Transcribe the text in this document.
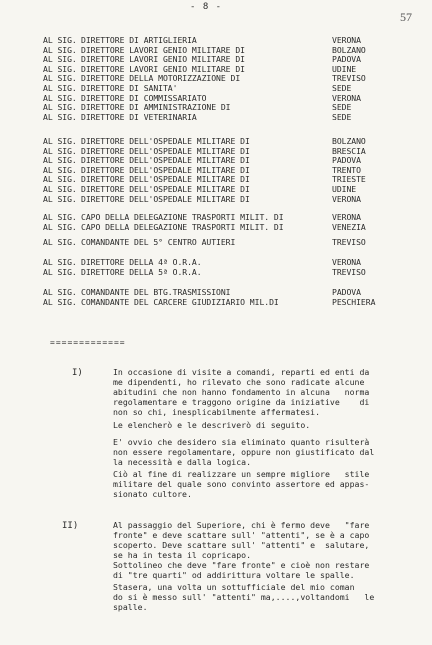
- 8 -
57
AL SIG. DIRETTORE DI ARTIGLIERIA	VERONA
AL SIG. DIRETTORE LAVORI GENIO MILITARE DI	BOLZANO
AL SIG. DIRETTORE LAVORI GENIO MILITARE DI	PADOVA
AL SIG. DIRETTORE LAVORI GENIO MILITARE DI	UDINE
AL SIG. DIRETTORE DELLA MOTORIZZAZIONE DI	TREVISO
AL SIG. DIRETTORE DI SANITA'	SEDE
AL SIG. DIRETTORE DI COMMISSARIATO	VERONA
AL SIG. DIRETTORE DI AMMINISTRAZIONE DI	SEDE
AL SIG. DIRETTORE DI VETERINARIA	SEDE
AL SIG. DIRETTORE DELL'OSPEDALE MILITARE DI	BOLZANO
AL SIG. DIRETTORE DELL'OSPEDALE MILITARE DI	BRESCIA
AL SIG. DIRETTORE DELL'OSPEDALE MILITARE DI	PADOVA
AL SIG. DIRETTORE DELL'OSPEDALE MILITARE DI	TRENTO
AL SIG. DIRETTORE DELL'OSPEDALE MILITARE DI	TRIESTE
AL SIG. DIRETTORE DELL'OSPEDALE MILITARE DI	UDINE
AL SIG. DIRETTORE DELL'OSPEDALE MILITARE DI	VERONA
AL SIG. CAPO DELLA DELEGAZIONE TRASPORTI MILIT. DI	VERONA
AL SIG. CAPO DELLA DELEGAZIONE TRASPORTI MILIT. DI	VENEZIA
AL SIG. COMANDANTE DEL 5° CENTRO AUTIERI	TREVISO
AL SIG. DIRETTORE DELLA 4ª O.R.A.	VERONA
AL SIG. DIRETTORE DELLA 5ª O.R.A.	TREVISO
AL SIG. COMANDANTE DEL BTG.TRASMISSIONI	PADOVA
AL SIG. COMANDANTE DEL CARCERE GIUDIZIARIO MIL.DI	PESCHIERA
=============
I)	In occasione di visite a comandi, reparti ed enti da
me dipendenti, ho rilevato che sono radicate alcune
abitudini che non hanno fondamento in alcuna   norma
regolamentare e traggono origine da iniziative    di
non so chi, inesplicabilmente affermatesi.
Le elencherò e le descriverò di seguito.
E' ovvio che desidero sia eliminato quanto risulterà
non essere regolamentare, oppure non giustificato dal
la necessità e dalla logica.
Ciò al fine di realizzare un sempre migliore   stile
militare del quale sono convinto assertore ed appas-
sionato cultore.
II)	Al passaggio del Superiore, chi è fermo deve   "fare
fronte" e deve scattare sull' "attenti", se è a capo
scoperto. Deve scattare sull' "attenti" e  salutare,
se ha in testa il copricapo.
Sottolineo che deve "fare fronte" e cioè non restare
di "tre quarti" od addirittura voltare le spalle.
Stasera, una volta un sottufficiale del mio coman
do si è messo sull' "attenti" ma,....,voltandomi   le
spalle.
